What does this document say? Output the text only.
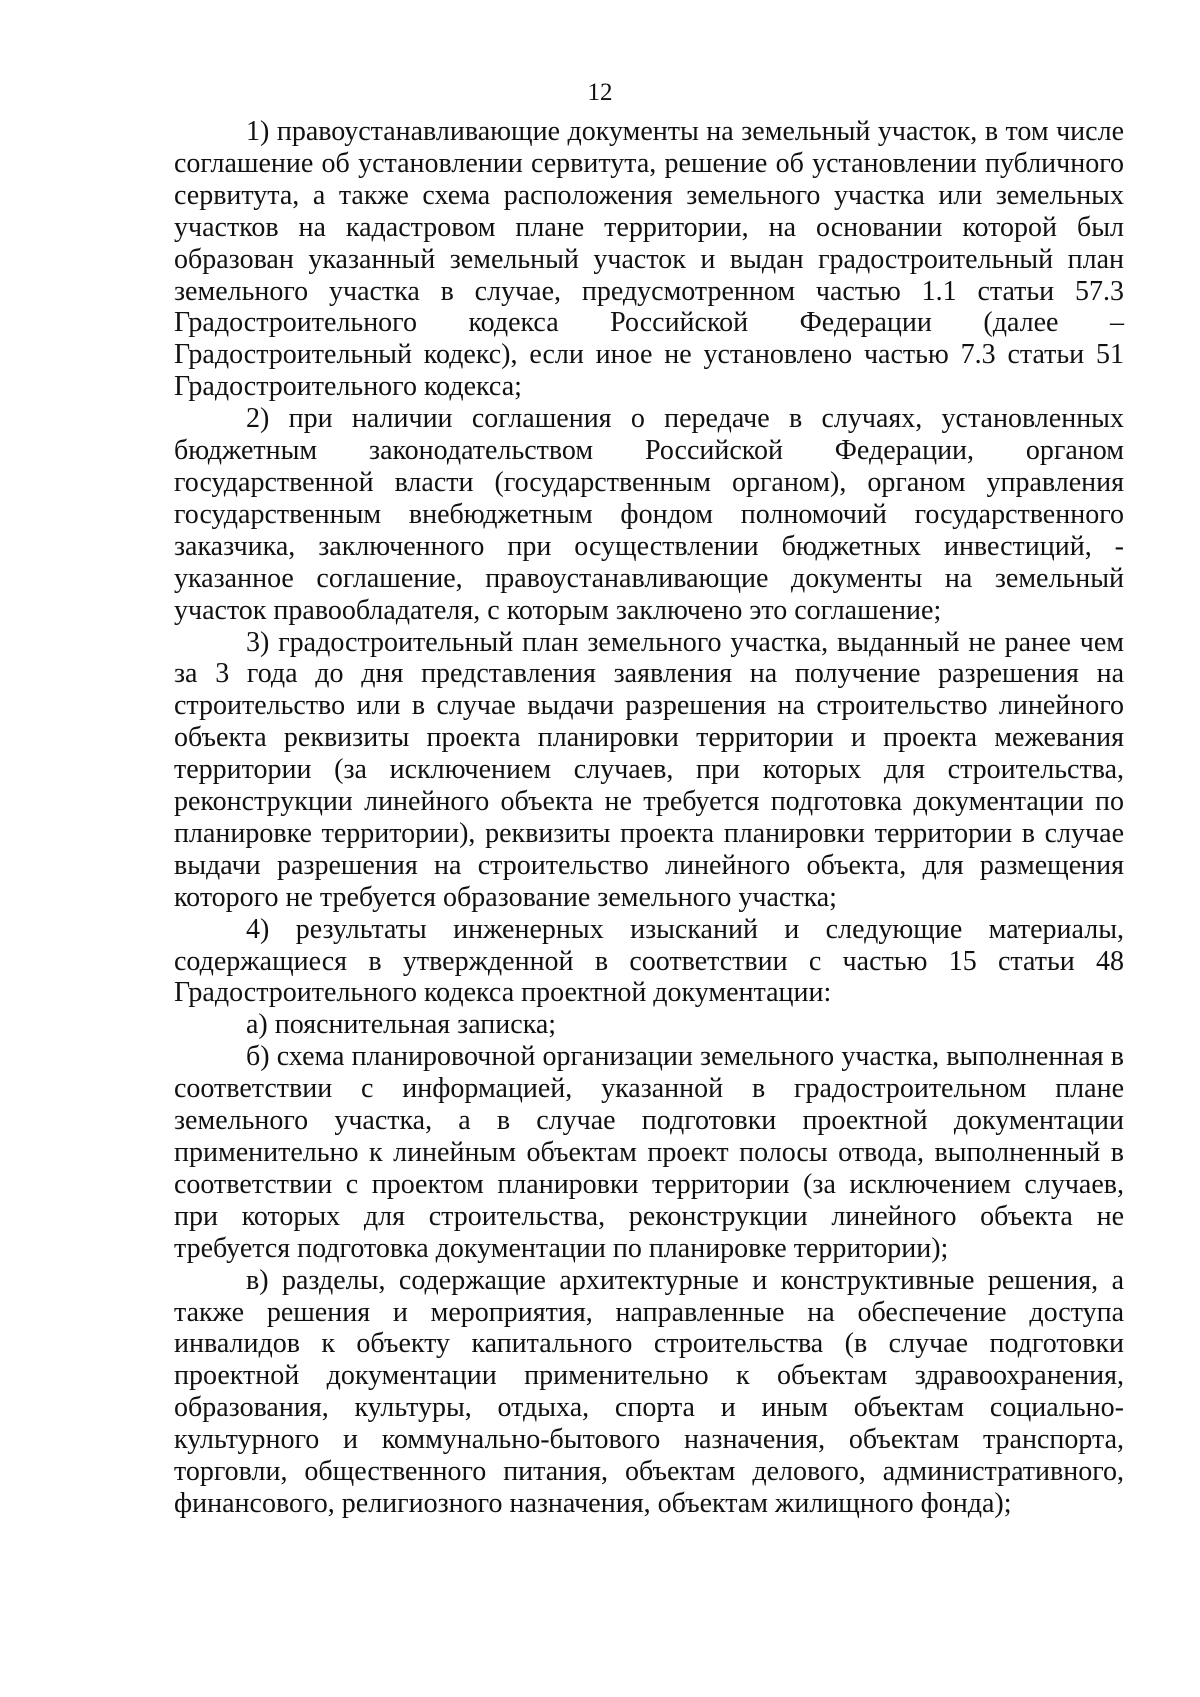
12

1) правоустанавливающие документы на земельный участок, в том числе соглашение об установлении сервитута, решение об установлении публичного сервитута, а также схема расположения земельного участка или земельных участков на кадастровом плане территории, на основании которой был образован указанный земельный участок и выдан градостроительный план земельного участка в случае, предусмотренном частью 1.1 статьи 57.3 Градостроительного кодекса Российской Федерации (далее – Градостроительный кодекс), если иное не установлено частью 7.3 статьи 51 Градостроительного кодекса;

2) при наличии соглашения о передаче в случаях, установленных бюджетным законодательством Российской Федерации, органом государственной власти (государственным органом), органом управления государственным внебюджетным фондом полномочий государственного заказчика, заключенного при осуществлении бюджетных инвестиций, - указанное соглашение, правоустанавливающие документы на земельный участок правообладателя, с которым заключено это соглашение;

3) градостроительный план земельного участка, выданный не ранее чем за 3 года до дня представления заявления на получение разрешения на строительство или в случае выдачи разрешения на строительство линейного объекта реквизиты проекта планировки территории и проекта межевания территории (за исключением случаев, при которых для строительства, реконструкции линейного объекта не требуется подготовка документации по планировке территории), реквизиты проекта планировки территории в случае выдачи разрешения на строительство линейного объекта, для размещения которого не требуется образование земельного участка;

4) результаты инженерных изысканий и следующие материалы, содержащиеся в утвержденной в соответствии с частью 15 статьи 48 Градостроительного кодекса проектной документации:

а) пояснительная записка;

б) схема планировочной организации земельного участка, выполненная в соответствии с информацией, указанной в градостроительном плане земельного участка, а в случае подготовки проектной документации применительно к линейным объектам проект полосы отвода, выполненный в соответствии с проектом планировки территории (за исключением случаев, при которых для строительства, реконструкции линейного объекта не требуется подготовка документации по планировке территории);

в) разделы, содержащие архитектурные и конструктивные решения, а также решения и мероприятия, направленные на обеспечение доступа инвалидов к объекту капитального строительства (в случае подготовки проектной документации применительно к объектам здравоохранения, образования, культуры, отдыха, спорта и иным объектам социально-культурного и коммунально-бытового назначения, объектам транспорта, торговли, общественного питания, объектам делового, административного, финансового, религиозного назначения, объектам жилищного фонда);
